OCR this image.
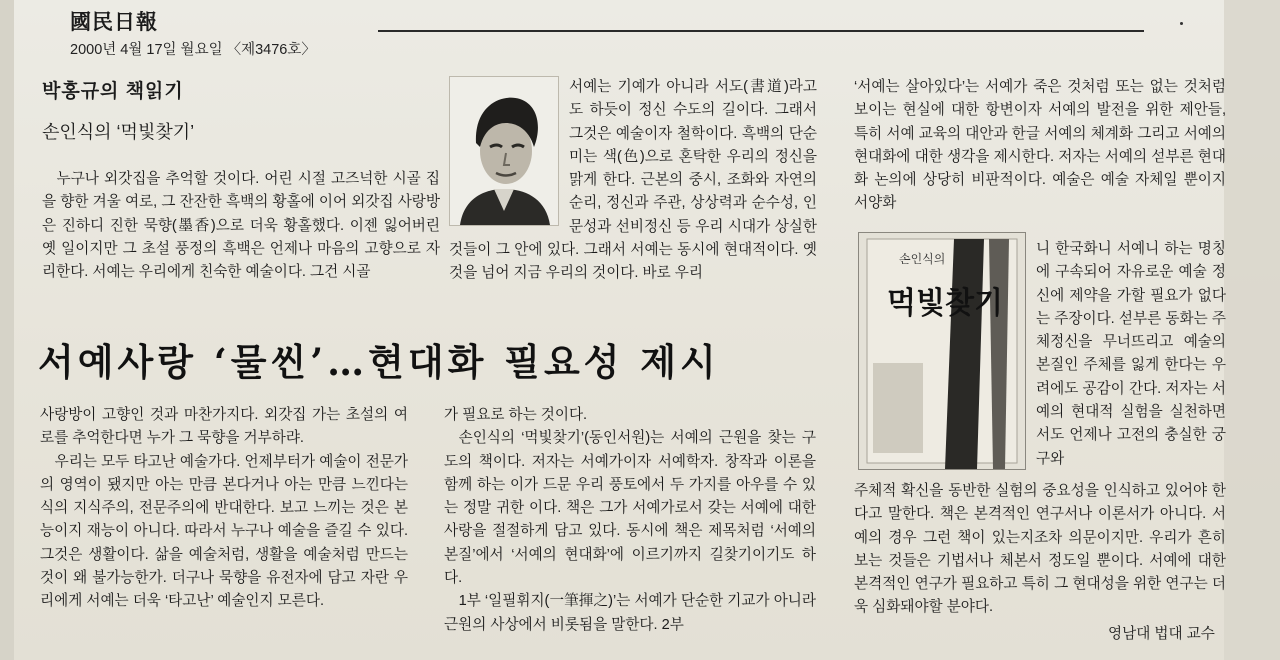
國民日報
2000년 4월 17일 월요일 〈제3476호〉
박홍규의 책읽기
손인식의 ‘먹빛찾기’

누구나 외갓집을 추억할 것이다. 어린 시절 고즈넉한 시골 집을 향한 겨울 여로, 그 잔잔한 흑백의 황홀에 이어 외갓집 사랑방은 진하디 진한 묵향(墨香)으로 더욱 황홀했다. 이젠 잃어버린 옛 일이지만 그 초설 풍정의 흑백은 언제나 마음의 고향으로 자리한다. 서예는 우리에게 친숙한 예술이다. 그건 시골

서예는 기예가 아니라 서도(書道)라고도 하듯이 정신 수도의 길이다. 그래서 그것은 예술이자 철학이다. 흑백의 단순미는 색(色)으로 혼탁한 우리의 정신을 맑게 한다. 근본의 중시, 조화와 자연의 순리, 정신과 주관, 상상력과 순수성, 인문성과 선비정신 등 우리 시대가 상실한 것들이 그 안에 있다. 그래서 서예는 동시에 현대적이다. 옛 것을 넘어 지금 우리의 것이다. 바로 우리

‘서예는 살아있다’는 서예가 죽은 것처럼 또는 없는 것처럼 보이는 현실에 대한 항변이자 서예의 발전을 위한 제안들, 특히 서예 교육의 대안과 한글 서예의 체계화 그리고 서예의 현대화에 대한 생각을 제시한다. 저자는 서예의 섣부른 현대화 논의에 상당히 비판적이다. 예술은 예술 자체일 뿐이지 서양화

손인식의
먹빛찾기

니 한국화니 서예니 하는 명칭에 구속되어 자유로운 예술 정신에 제약을 가할 필요가 없다는 주장이다. 섣부른 동화는 주체정신을 무너뜨리고 예술의 본질인 주체를 잃게 한다는 우려에도 공감이 간다. 저자는 서예의 현대적 실험을 실천하면서도 언제나 고전의 충실한 궁구와

주체적 확신을 동반한 실험의 중요성을 인식하고 있어야 한다고 말한다. 책은 본격적인 연구서나 이론서가 아니다. 서예의 경우 그런 책이 있는지조차 의문이지만. 우리가 흔히 보는 것들은 기법서나 체본서 정도일 뿐이다. 서예에 대한 본격적인 연구가 필요하고 특히 그 현대성을 위한 연구는 더욱 심화돼야할 분야다.

서예사랑 ‘물씬’…현대화 필요성 제시

사랑방이 고향인 것과 마찬가지다. 외갓집 가는 초설의 여로를 추억한다면 누가 그 묵향을 거부하랴.

우리는 모두 타고난 예술가다. 언제부터가 예술이 전문가의 영역이 됐지만 아는 만큼 본다거나 아는 만큼 느낀다는 식의 지식주의, 전문주의에 반대한다. 보고 느끼는 것은 본능이지 재능이 아니다. 따라서 누구나 예술을 즐길 수 있다. 그것은 생활이다. 삶을 예술처럼, 생활을 예술처럼 만드는 것이 왜 불가능한가. 더구나 묵향을 유전자에 담고 자란 우리에게 서예는 더욱 ‘타고난’ 예술인지 모른다.

가 필요로 하는 것이다.

손인식의 ‘먹빛찾기’(동인서원)는 서예의 근원을 찾는 구도의 책이다. 저자는 서예가이자 서예학자. 창작과 이론을 함께 하는 이가 드문 우리 풍토에서 두 가지를 아우를 수 있는 정말 귀한 이다. 책은 그가 서예가로서 갖는 서예에 대한 사랑을 절절하게 담고 있다. 동시에 책은 제목처럼 ‘서예의 본질’에서 ‘서예의 현대화’에 이르기까지 길찾기이기도 하다.

1부 ‘일필휘지(一筆揮之)’는 서예가 단순한 기교가 아니라 근원의 사상에서 비롯됨을 말한다. 2부

영남대 법대 교수
